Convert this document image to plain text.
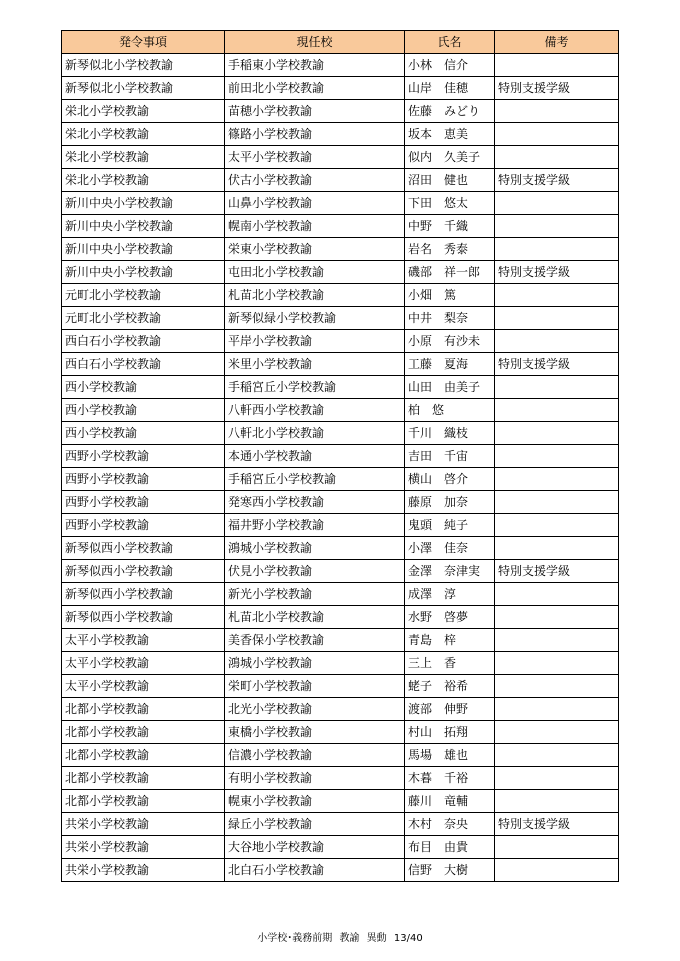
発令事項	現任校	氏名	備考
新琴似北小学校教諭	手稲東小学校教諭	小林　信介	
新琴似北小学校教諭	前田北小学校教諭	山岸　佳穂	特別支援学級
栄北小学校教諭	苗穂小学校教諭	佐藤　みどり	
栄北小学校教諭	篠路小学校教諭	坂本　恵美	
栄北小学校教諭	太平小学校教諭	似内　久美子	
栄北小学校教諭	伏古小学校教諭	沼田　健也	特別支援学級
新川中央小学校教諭	山鼻小学校教諭	下田　悠太	
新川中央小学校教諭	幌南小学校教諭	中野　千織	
新川中央小学校教諭	栄東小学校教諭	岩名　秀泰	
新川中央小学校教諭	屯田北小学校教諭	磯部　祥一郎	特別支援学級
元町北小学校教諭	札苗北小学校教諭	小畑　篤	
元町北小学校教諭	新琴似緑小学校教諭	中井　梨奈	
西白石小学校教諭	平岸小学校教諭	小原　有沙未	
西白石小学校教諭	米里小学校教諭	工藤　夏海	特別支援学級
西小学校教諭	手稲宮丘小学校教諭	山田　由美子	
西小学校教諭	八軒西小学校教諭	柏　悠	
西小学校教諭	八軒北小学校教諭	千川　織枝	
西野小学校教諭	本通小学校教諭	吉田　千宙	
西野小学校教諭	手稲宮丘小学校教諭	横山　啓介	
西野小学校教諭	発寒西小学校教諭	藤原　加奈	
西野小学校教諭	福井野小学校教諭	鬼頭　純子	
新琴似西小学校教諭	鴻城小学校教諭	小澤　佳奈	
新琴似西小学校教諭	伏見小学校教諭	金澤　奈津実	特別支援学級
新琴似西小学校教諭	新光小学校教諭	成澤　淳	
新琴似西小学校教諭	札苗北小学校教諭	水野　啓夢	
太平小学校教諭	美香保小学校教諭	青島　梓	
太平小学校教諭	鴻城小学校教諭	三上　香	
太平小学校教諭	栄町小学校教諭	蛯子　裕希	
北都小学校教諭	北光小学校教諭	渡部　伸野	
北都小学校教諭	東橋小学校教諭	村山　拓翔	
北都小学校教諭	信濃小学校教諭	馬場　雄也	
北都小学校教諭	有明小学校教諭	木暮　千裕	
北都小学校教諭	幌東小学校教諭	藤川　竜輔	
共栄小学校教諭	緑丘小学校教諭	木村　奈央	特別支援学級
共栄小学校教諭	大谷地小学校教諭	布目　由貴	
共栄小学校教諭	北白石小学校教諭	信野　大樹	
小学校･義務前期 教諭 異動 13/40
